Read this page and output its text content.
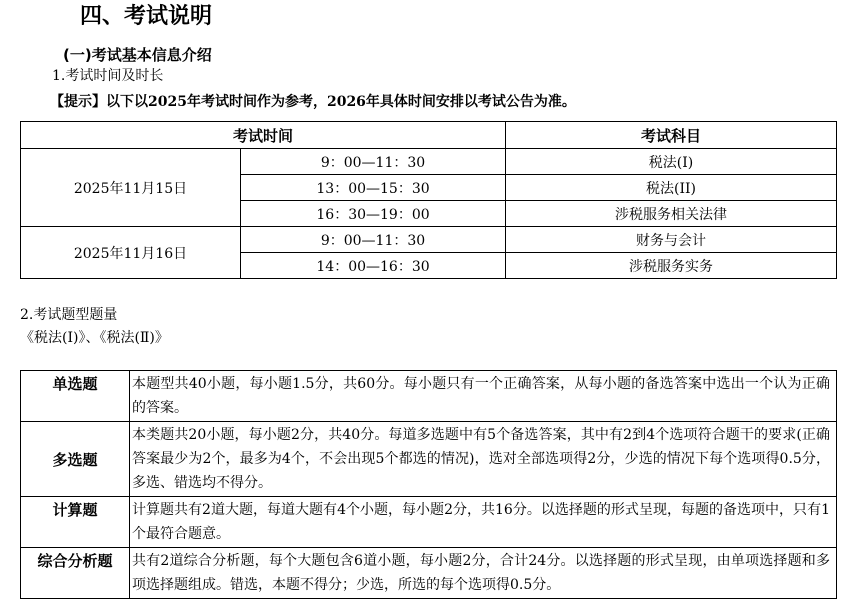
四、考试说明
(一)考试基本信息介绍
1.考试时间及时长
【提示】以下以2025年考试时间作为参考，2026年具体时间安排以考试公告为准。
考试时间		考试科目
2025年11月15日	9：00—11：30	税法(I)
	13：00—15：30	税法(II)
	16：30—19：00	涉税服务相关法律
2025年11月16日	9：00—11：30	财务与会计
	14：00—16：30	涉税服务实务
2.考试题型题量
《税法(Ⅰ)》、《税法(Ⅱ)》
单选题	本题型共40小题，每小题1.5分，共60分。每小题只有一个正确答案，从每小题的备选答案中选出一个认为正确的答案。
多选题	本类题共20小题，每小题2分，共40分。每道多选题中有5个备选答案，其中有2到4个选项符合题干的要求(正确答案最少为2个，最多为4个，不会出现5个都选的情况)，选对全部选项得2分，少选的情况下每个选项得0.5分，多选、错选均不得分。
计算题	计算题共有2道大题，每道大题有4个小题，每小题2分，共16分。以选择题的形式呈现，每题的备选项中，只有1个最符合题意。
综合分析题	共有2道综合分析题，每个大题包含6道小题，每小题2分，合计24分。以选择题的形式呈现，由单项选择题和多项选择题组成。错选，本题不得分；少选，所选的每个选项得0.5分。
